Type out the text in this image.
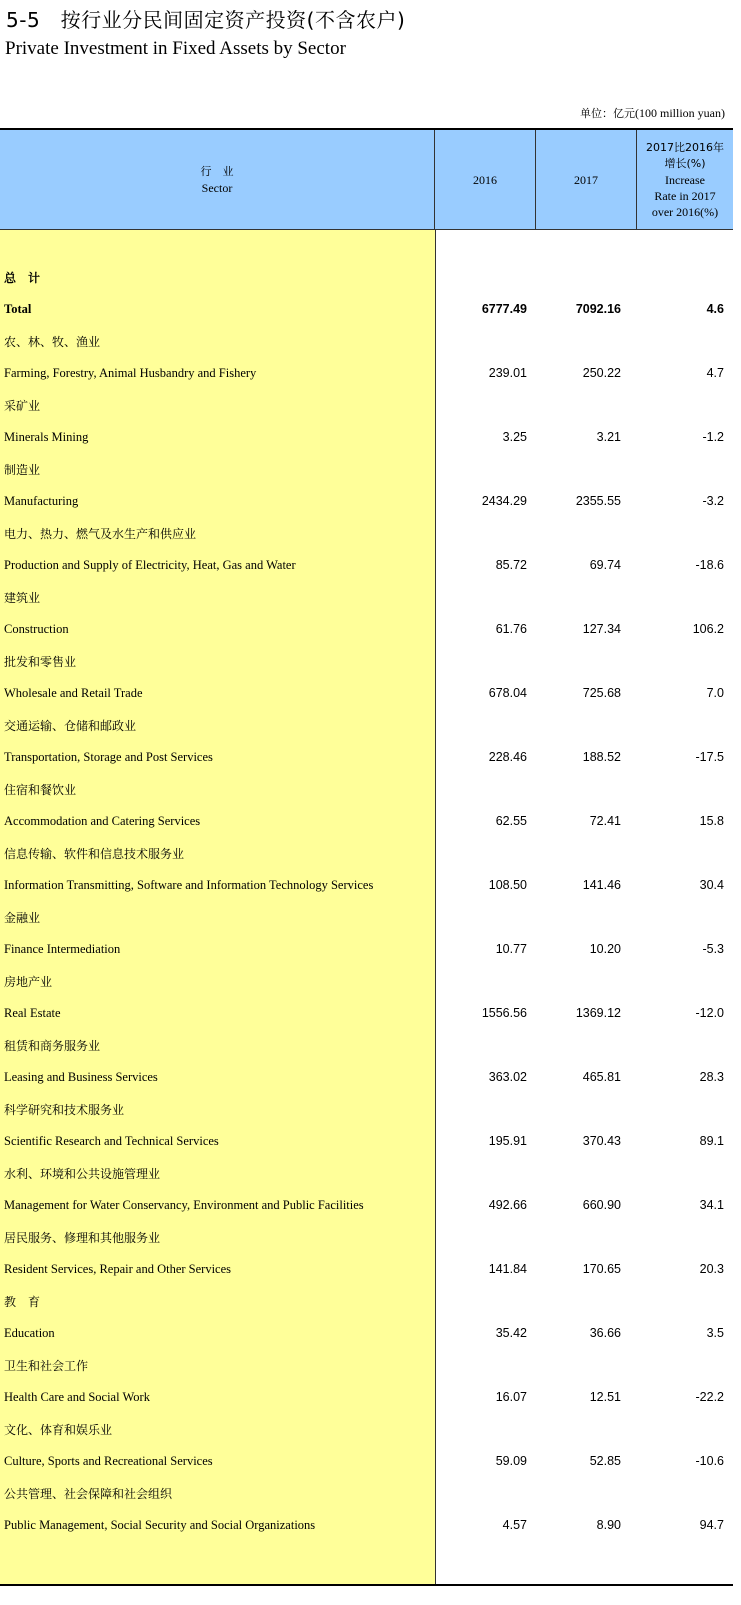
5-5　按行业分民间固定资产投资(不含农户)
Private Investment in Fixed Assets by Sector
单位：亿元(100 million yuan)
行　业
Sector
2016	2017
2017比2016年
增长(%)
Increase
Rate in 2017
over 2016(%)
总　计
Total	6777.49	7092.16	4.6
农、林、牧、渔业
Farming, Forestry, Animal Husbandry and Fishery	239.01	250.22	4.7
采矿业
Minerals Mining	3.25	3.21	-1.2
制造业
Manufacturing	2434.29	2355.55	-3.2
电力、热力、燃气及水生产和供应业
Production and Supply of Electricity, Heat, Gas and Water	85.72	69.74	-18.6
建筑业
Construction	61.76	127.34	106.2
批发和零售业
Wholesale and Retail Trade	678.04	725.68	7.0
交通运输、仓储和邮政业
Transportation, Storage and Post Services	228.46	188.52	-17.5
住宿和餐饮业
Accommodation and Catering Services	62.55	72.41	15.8
信息传输、软件和信息技术服务业
Information Transmitting, Software and Information Technology Services	108.50	141.46	30.4
金融业
Finance Intermediation	10.77	10.20	-5.3
房地产业
Real Estate	1556.56	1369.12	-12.0
租赁和商务服务业
Leasing and Business Services	363.02	465.81	28.3
科学研究和技术服务业
Scientific Research and Technical Services	195.91	370.43	89.1
水利、环境和公共设施管理业
Management for Water Conservancy, Environment and Public Facilities	492.66	660.90	34.1
居民服务、修理和其他服务业
Resident Services, Repair and Other Services	141.84	170.65	20.3
教　育
Education	35.42	36.66	3.5
卫生和社会工作
Health Care and Social Work	16.07	12.51	-22.2
文化、体育和娱乐业
Culture, Sports and Recreational Services	59.09	52.85	-10.6
公共管理、社会保障和社会组织
Public Management, Social Security and Social Organizations	4.57	8.90	94.7
